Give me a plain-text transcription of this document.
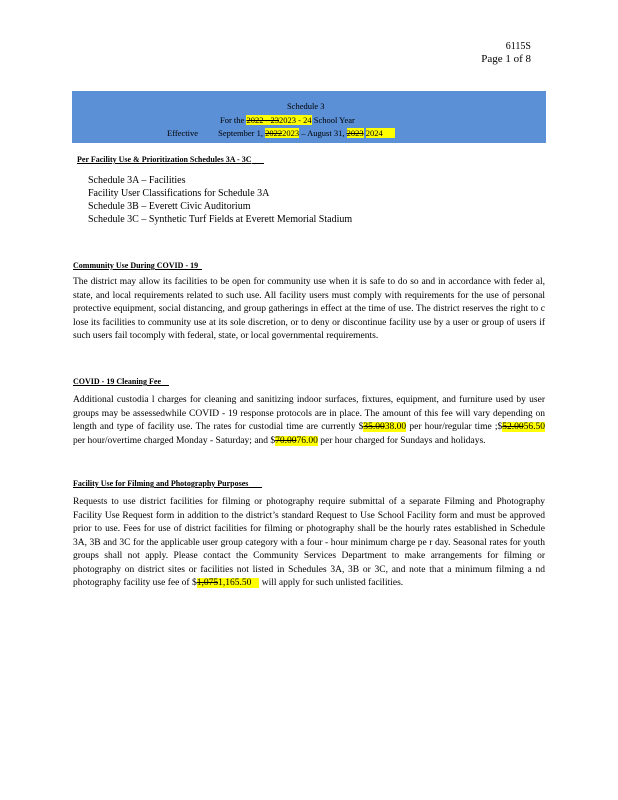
6115S
Page 1 of 8
Schedule 3
For the 2022 - 232023 - 24 School Year
Effective September 1, 20222023 – August 31, 2023 2024
Per Facility Use & Prioritization Schedules 3A - 3C
Schedule 3A – Facilities
Facility User Classifications for Schedule 3A
Schedule 3B – Everett Civic Auditorium
Schedule 3C – Synthetic Turf Fields at Everett Memorial Stadium
Community Use During COVID - 19

The district may allow its facilities to be open for community use when it is safe to do so and in accordance with feder al, state, and local requirements related to such use. All facility users must comply with requirements for the use of personal protective equipment, social distancing, and group gatherings in effect at the time of use. The district reserves the right to c lose its facilities to community use at its sole discretion, or to deny or discontinue facility use by a user or group of users if such users fail tocomply with federal, state, or local governmental requirements.

COVID - 19 Cleaning Fee

Additional custodia l charges for cleaning and sanitizing indoor surfaces, fixtures, equipment, and furniture used by user groups may be assessedwhile COVID - 19 response protocols are in place. The amount of this fee will vary depending on length and type of facility use. The rates for custodial time are currently $35.0038.00 per hour/regular time ;$52.0056.50 per hour/overtime charged Monday - Saturday; and $70.0076.00 per hour charged for Sundays and holidays.

Facility Use for Filming and Photography Purposes

Requests to use district facilities for filming or photography require submittal of a separate Filming and Photography Facility Use Request form in addition to the district’s standard Request to Use School Facility form and must be approved prior to use. Fees for use of district facilities for filming or photography shall be the hourly rates established in Schedule 3A, 3B and 3C for the applicable user group category with a four - hour minimum charge pe r day. Seasonal rates for youth groups shall not apply. Please contact the Community Services Department to make arrangements for filming or photography on district sites or facilities not listed in Schedules 3A, 3B or 3C, and note that a minimum filming a nd photography facility use fee of $1,0751,165.50 will apply for such unlisted facilities.
